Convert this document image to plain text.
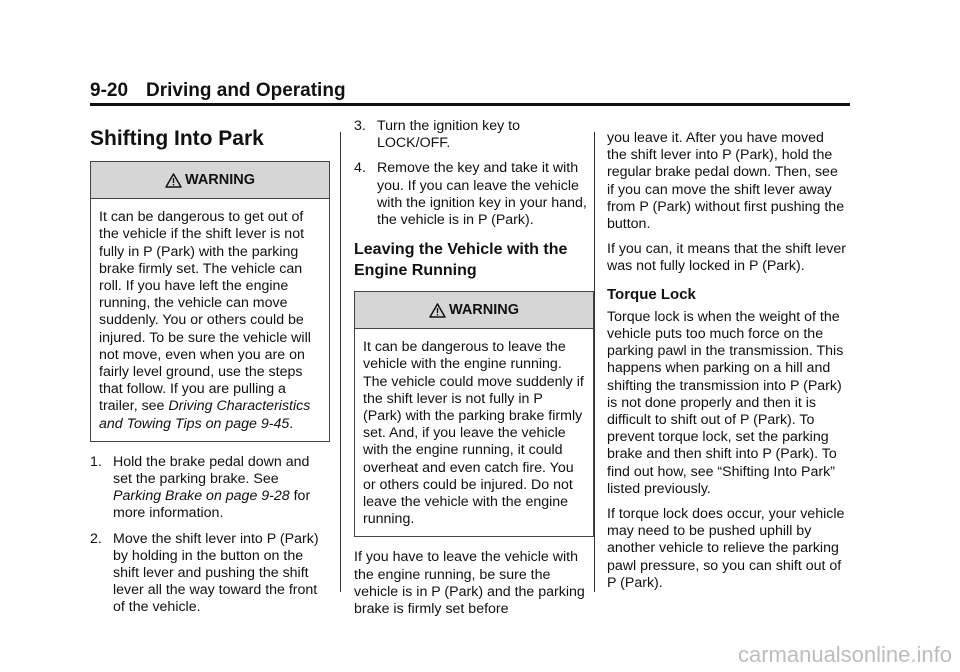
9-20 Driving and Operating
Shifting Into Park
WARNING
It can be dangerous to get out of the vehicle if the shift lever is not fully in P (Park) with the parking brake firmly set. The vehicle can roll. If you have left the engine running, the vehicle can move suddenly. You or others could be injured. To be sure the vehicle will not move, even when you are on fairly level ground, use the steps that follow. If you are pulling a trailer, see Driving Characteristics and Towing Tips on page 9-45.
1. Hold the brake pedal down and set the parking brake. See Parking Brake on page 9-28 for more information.
2. Move the shift lever into P (Park) by holding in the button on the shift lever and pushing the shift lever all the way toward the front of the vehicle.
3. Turn the ignition key to LOCK/OFF.
4. Remove the key and take it with you. If you can leave the vehicle with the ignition key in your hand, the vehicle is in P (Park).
Leaving the Vehicle with the Engine Running
WARNING
It can be dangerous to leave the vehicle with the engine running. The vehicle could move suddenly if the shift lever is not fully in P (Park) with the parking brake firmly set. And, if you leave the vehicle with the engine running, it could overheat and even catch fire. You or others could be injured. Do not leave the vehicle with the engine running.

If you have to leave the vehicle with the engine running, be sure the vehicle is in P (Park) and the parking brake is firmly set before

you leave it. After you have moved the shift lever into P (Park), hold the regular brake pedal down. Then, see if you can move the shift lever away from P (Park) without first pushing the button.

If you can, it means that the shift lever was not fully locked in P (Park).

Torque Lock

Torque lock is when the weight of the vehicle puts too much force on the parking pawl in the transmission. This happens when parking on a hill and shifting the transmission into P (Park) is not done properly and then it is difficult to shift out of P (Park). To prevent torque lock, set the parking brake and then shift into P (Park). To find out how, see “Shifting Into Park” listed previously.

If torque lock does occur, your vehicle may need to be pushed uphill by another vehicle to relieve the parking pawl pressure, so you can shift out of P (Park).

carmanualsonline.info
